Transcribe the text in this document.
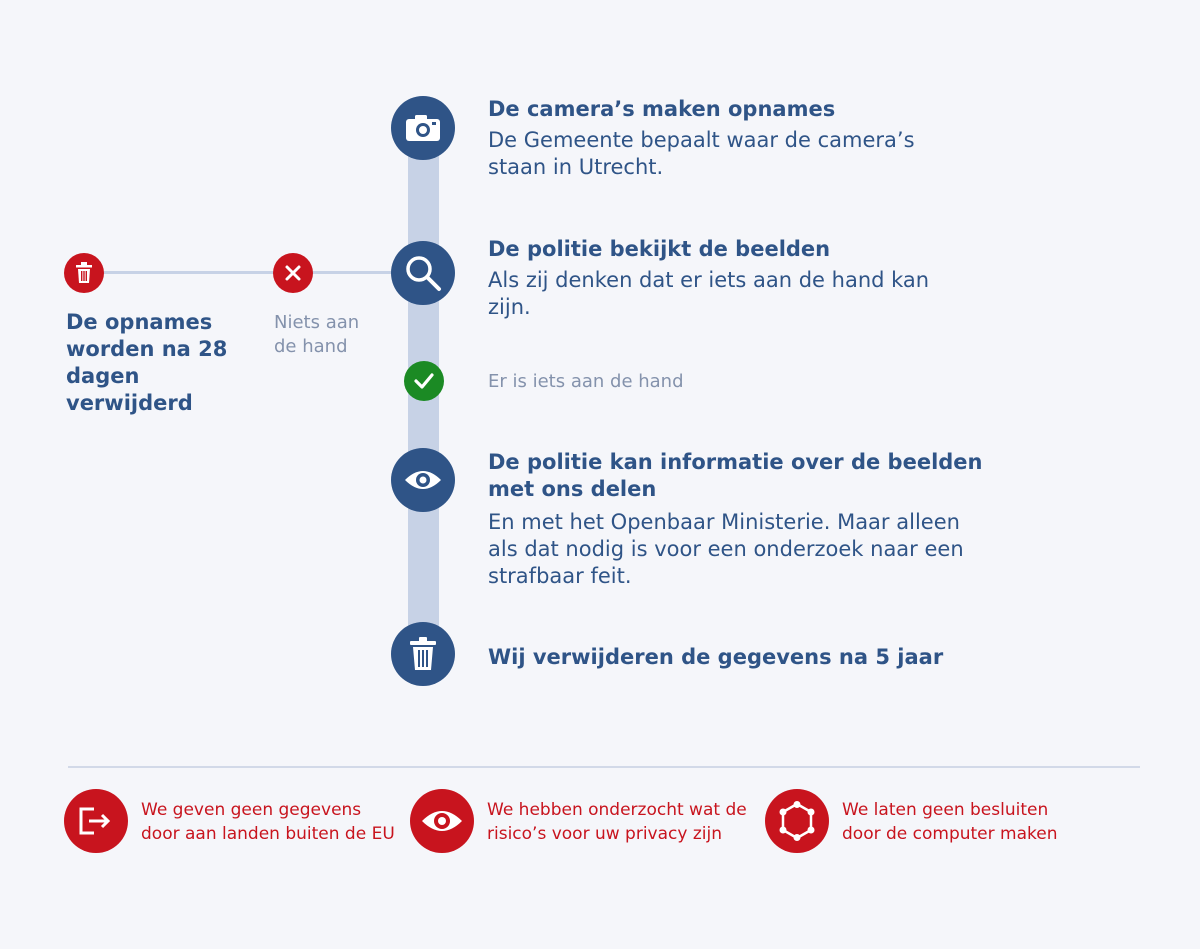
De camera’s maken opnames

De Gemeente bepaalt waar de camera’s staan in Utrecht.

De politie bekijkt de beelden

Als zij denken dat er iets aan de hand kan zijn.

Er is iets aan de hand

De politie kan informatie over de beelden met ons delen

En met het Openbaar Ministerie. Maar alleen als dat nodig is voor een onderzoek naar een strafbaar feit.

Wij verwijderen de gegevens na 5 jaar

Niets aan de hand
De opnames worden na 28 dagen verwijderd
We geven geen gegevens door aan landen buiten de EU
We hebben onderzocht wat de risico’s voor uw privacy zijn
We laten geen besluiten door de computer maken
